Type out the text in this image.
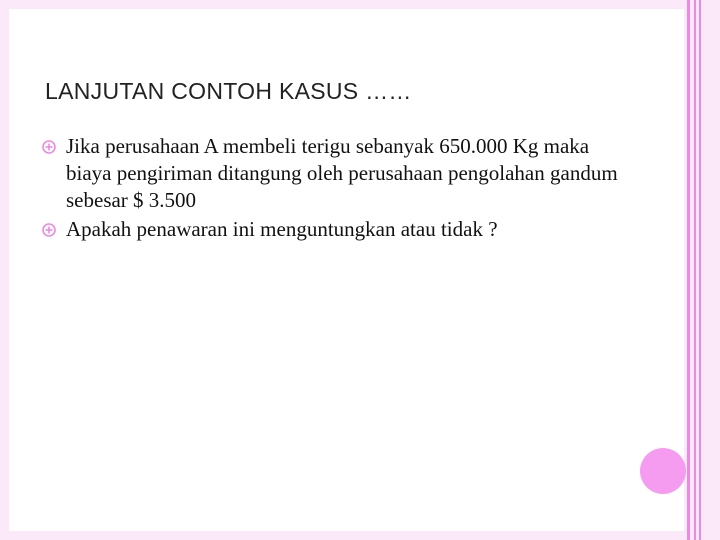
LANJUTAN CONTOH KASUS ……
Jika perusahaan A membeli terigu sebanyak 650.000 Kg maka biaya pengiriman ditangung oleh perusahaan pengolahan gandum sebesar $ 3.500
Apakah penawaran ini menguntungkan atau tidak ?
